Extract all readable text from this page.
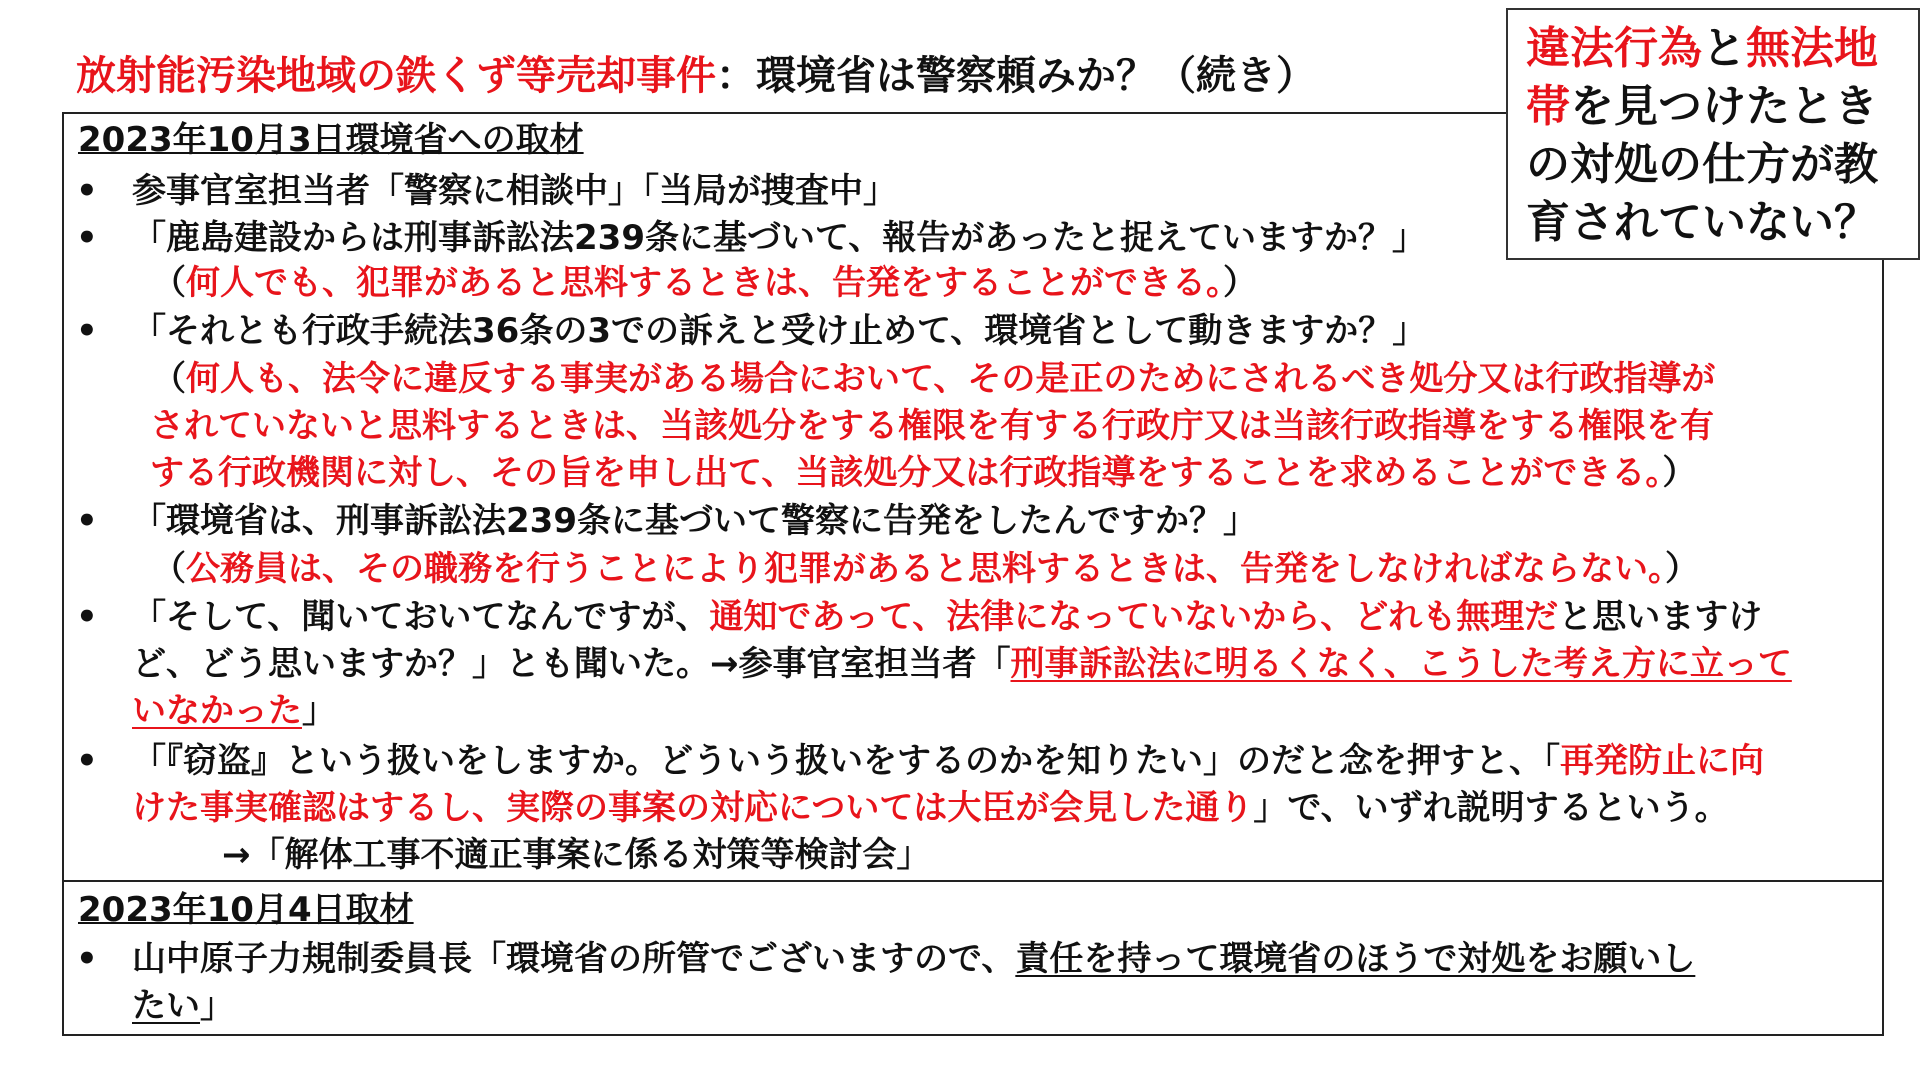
放射能汚染地域の鉄くず等売却事件：環境省は警察頼みか？（続き）
2023年10月3日環境省への取材
• 参事官室担当者「警察に相談中」「当局が捜査中」
• 「鹿島建設からは刑事訴訟法239条に基づいて、報告があったと捉えていますか？」
（何人でも、犯罪があると思料するときは、告発をすることができる。）
• 「それとも行政手続法36条の3での訴えと受け止めて、環境省として動きますか？」
（何人も、法令に違反する事実がある場合において、その是正のためにされるべき処分又は行政指導が
されていないと思料するときは、当該処分をする権限を有する行政庁又は当該行政指導をする権限を有
する行政機関に対し、その旨を申し出て、当該処分又は行政指導をすることを求めることができる。）
• 「環境省は、刑事訴訟法239条に基づいて警察に告発をしたんですか？」
（公務員は、その職務を行うことにより犯罪があると思料するときは、告発をしなければならない。）
• 「そして、聞いておいてなんですが、通知であって、法律になっていないから、どれも無理だと思いますけ
ど、どう思いますか？」とも聞いた。→参事官室担当者「刑事訴訟法に明るくなく、こうした考え方に立って
いなかった」
• 「『窃盗』という扱いをしますか。どういう扱いをするのかを知りたい」のだと念を押すと、「再発防止に向
けた事実確認はするし、実際の事案の対応については大臣が会見した通り」で、いずれ説明するという。
→「解体工事不適正事案に係る対策等検討会」
2023年10月4日取材
• 山中原子力規制委員長「環境省の所管でございますので、責任を持って環境省のほうで対処をお願いし
たい」
違法行為と無法地
帯を見つけたとき
の対処の仕方が教
育されていない？
